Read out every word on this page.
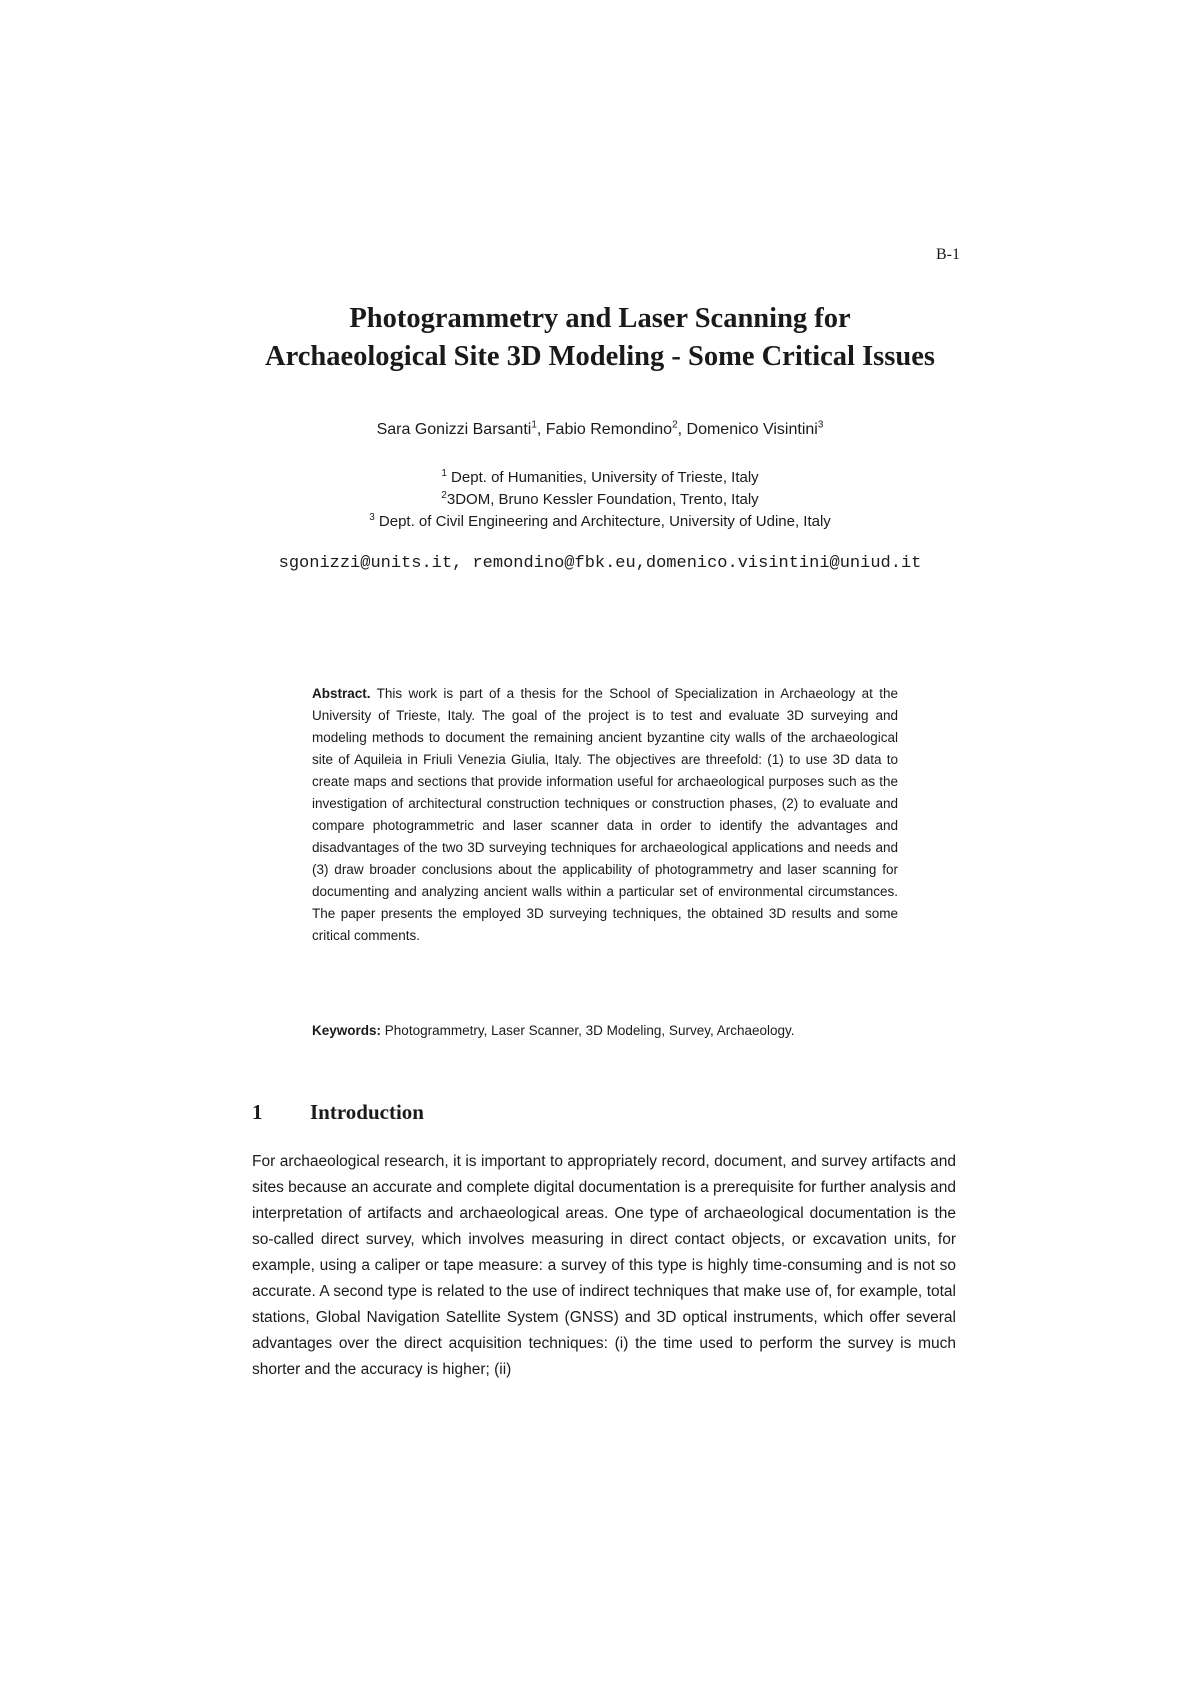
B-1
Photogrammetry and Laser Scanning for
Archaeological Site 3D Modeling - Some Critical Issues
Sara Gonizzi Barsanti$^1$, Fabio Remondino$^2$, Domenico Visintini$^3$
$^1$ Dept. of Humanities, University of Trieste, Italy
$^2$3DOM, Bruno Kessler Foundation, Trento, Italy
$^3$ Dept. of Civil Engineering and Architecture, University of Udine, Italy
sgonizzi@units.it, remondino@fbk.eu,domenico.visintini@uniud.it
Abstract. This work is part of a thesis for the School of Specialization in Archaeology at the University of Trieste, Italy. The goal of the project is to test and evaluate 3D surveying and modeling methods to document the remaining ancient byzantine city walls of the archaeological site of Aquileia in Friuli Venezia Giulia, Italy. The objectives are threefold: (1) to use 3D data to create maps and sections that provide information useful for archaeological purposes such as the investigation of architectural construction techniques or construction phases, (2) to evaluate and compare photogrammetric and laser scanner data in order to identify the advantages and disadvantages of the two 3D surveying techniques for archaeological applications and needs and (3) draw broader conclusions about the applicability of photogrammetry and laser scanning for documenting and analyzing ancient walls within a particular set of environmental circumstances. The paper presents the employed 3D surveying techniques, the obtained 3D results and some critical comments.
Keywords: Photogrammetry, Laser Scanner, 3D Modeling, Survey, Archaeology.
1 Introduction
For archaeological research, it is important to appropriately record, document, and survey artifacts and sites because an accurate and complete digital documentation is a prerequisite for further analysis and interpretation of artifacts and archaeological areas. One type of archaeological documentation is the so-called direct survey, which involves measuring in direct contact objects, or excavation units, for example, using a caliper or tape measure: a survey of this type is highly time-consuming and is not so accurate. A second type is related to the use of indirect techniques that make use of, for example, total stations, Global Navigation Satellite System (GNSS) and 3D optical instruments, which offer several advantages over the direct acquisition techniques: (i) the time used to perform the survey is much shorter and the accuracy is higher; (ii)
